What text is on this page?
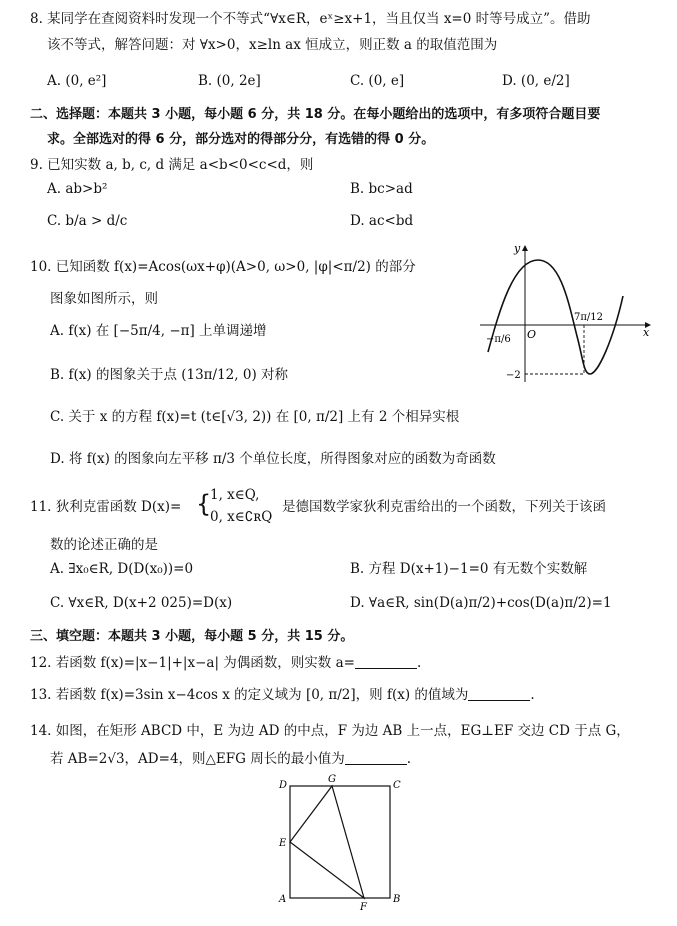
8. 某同学在查阅资料时发现一个不等式“∀x∈R，eˣ≥x+1，当且仅当 x=0 时等号成立”。借助
该不等式，解答问题：对 ∀x>0，x≥ln ax 恒成立，则正数 a 的取值范围为
A. (0, e²]	B. (0, 2e]	C. (0, e]	D. (0, e/2]
二、选择题：本题共 3 小题，每小题 6 分，共 18 分。在每小题给出的选项中，有多项符合题目要
求。全部选对的得 6 分，部分选对的得部分分，有选错的得 0 分。
9. 已知实数 a, b, c, d 满足 a<b<0<c<d，则
A. ab>b²	B. bc>ad
C. b/a > d/c	D. ac<bd
10. 已知函数 f(x)=Acos(ωx+φ)(A>0, ω>0, |φ|<π/2) 的部分
图象如图所示，则
A. f(x) 在 [−5π/4, −π] 上单调递增
B. f(x) 的图象关于点 (13π/12, 0) 对称
C. 关于 x 的方程 f(x)=t (t∈[√3, 2)) 在 [0, π/2] 上有 2 个相异实根
D. 将 f(x) 的图象向左平移 π/3 个单位长度，所得图象对应的函数为奇函数
y
x
O
−π/6
7π/12
−2
11. 狄利克雷函数 D(x)= {
1, x∈Q,
0, x∈∁ʀQ
是德国数学家狄利克雷给出的一个函数，下列关于该函
数的论述正确的是
A. ∃x₀∈R, D(D(x₀))=0	B. 方程 D(x+1)−1=0 有无数个实数解
C. ∀x∈R, D(x+2 025)=D(x)	D. ∀a∈R, sin(D(a)π/2)+cos(D(a)π/2)=1
三、填空题：本题共 3 小题，每小题 5 分，共 15 分。
12. 若函数 f(x)=|x−1|+|x−a| 为偶函数，则实数 a=	.
13. 若函数 f(x)=3sin x−4cos x 的定义域为 [0, π/2]，则 f(x) 的值域为	.
14. 如图，在矩形 ABCD 中，E 为边 AD 的中点，F 为边 AB 上一点，EG⊥EF 交边 CD 于点 G，
若 AB=2√3，AD=4，则△EFG 周长的最小值为	.
D
G
C
E
A
F
B
